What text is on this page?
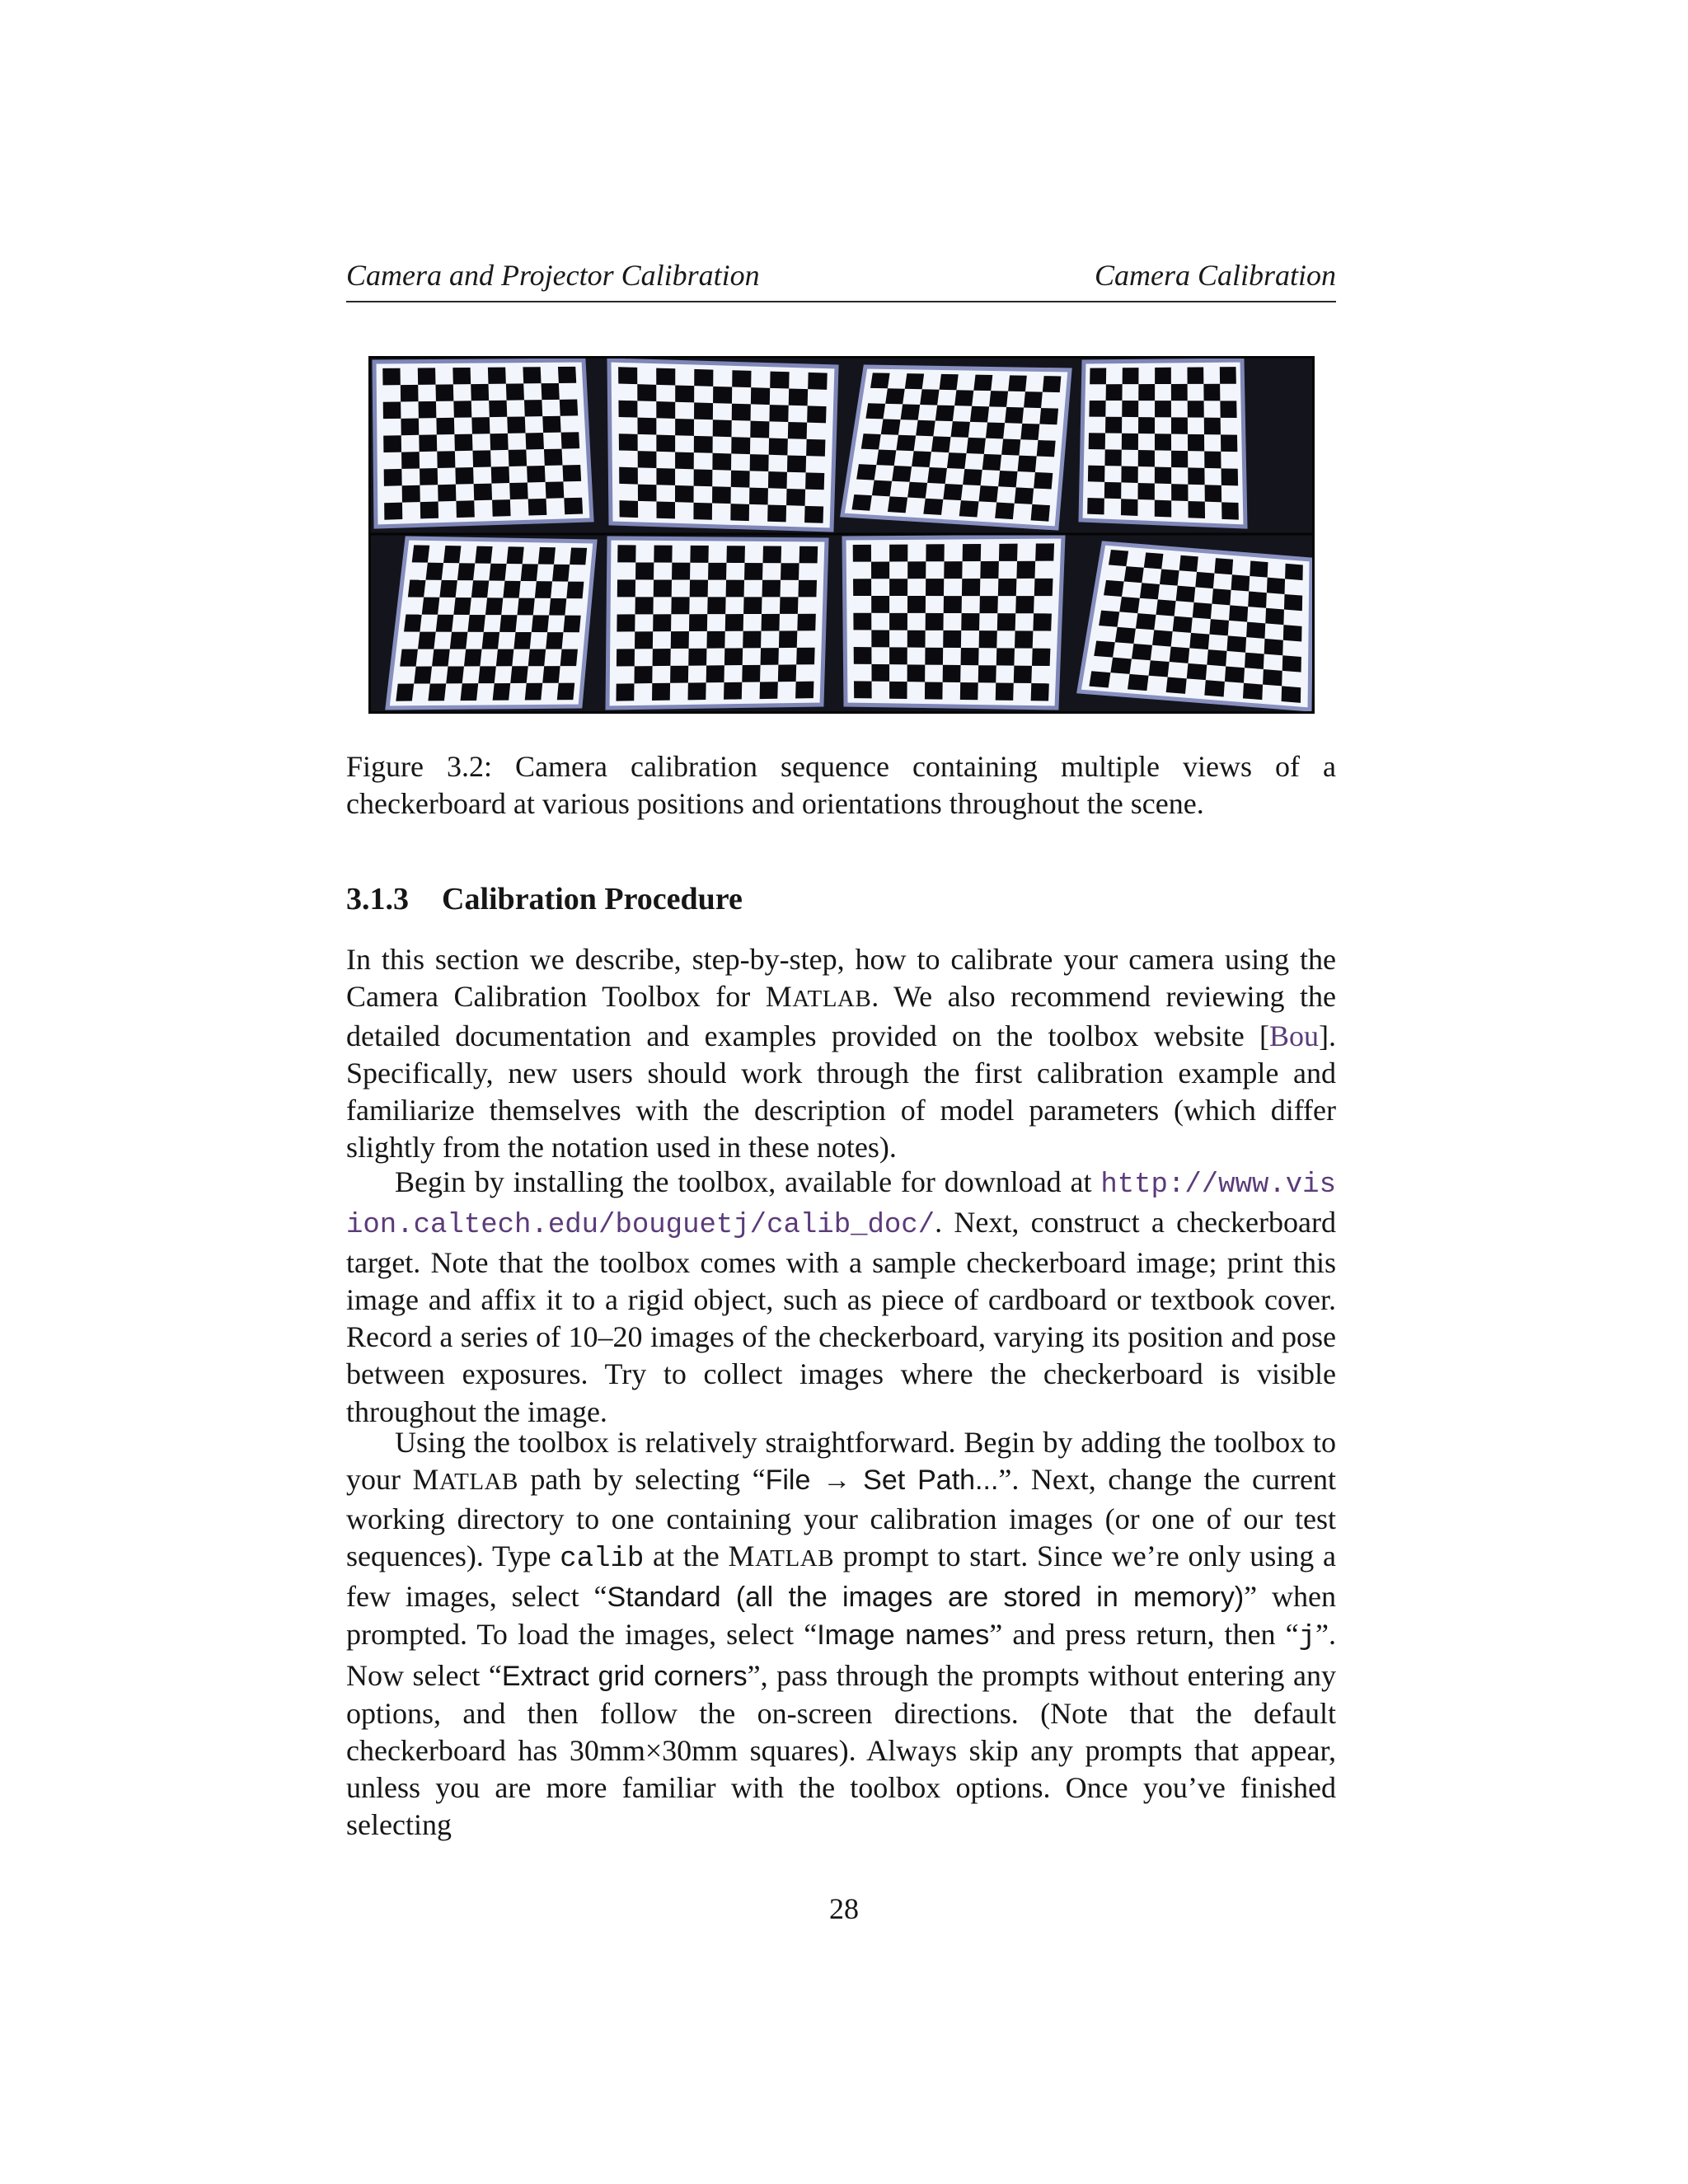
Camera and Projector Calibration	Camera Calibration
Figure 3.2: Camera calibration sequence containing multiple views of a checkerboard at various positions and orientations throughout the scene.
3.1.3 Calibration Procedure

In this section we describe, step-by-step, how to calibrate your camera using the Camera Calibration Toolbox for MATLAB. We also recommend reviewing the detailed documentation and examples provided on the toolbox website [Bou]. Specifically, new users should work through the first calibration example and familiarize themselves with the description of model parameters (which differ slightly from the notation used in these notes).

Begin by installing the toolbox, available for download at http://www.vision.caltech.edu/bouguetj/calib_doc/. Next, construct a checkerboard target. Note that the toolbox comes with a sample checkerboard image; print this image and affix it to a rigid object, such as piece of cardboard or textbook cover. Record a series of 10–20 images of the checkerboard, varying its position and pose between exposures. Try to collect images where the checkerboard is visible throughout the image.

Using the toolbox is relatively straightforward. Begin by adding the toolbox to your MATLAB path by selecting “File → Set Path...”. Next, change the current working directory to one containing your calibration images (or one of our test sequences). Type calib at the MATLAB prompt to start. Since we’re only using a few images, select “Standard (all the images are stored in memory)” when prompted. To load the images, select “Image names” and press return, then “j”. Now select “Extract grid corners”, pass through the prompts without entering any options, and then follow the on-screen directions. (Note that the default checkerboard has 30mm×30mm squares). Always skip any prompts that appear, unless you are more familiar with the toolbox options. Once you’ve finished selecting

28
